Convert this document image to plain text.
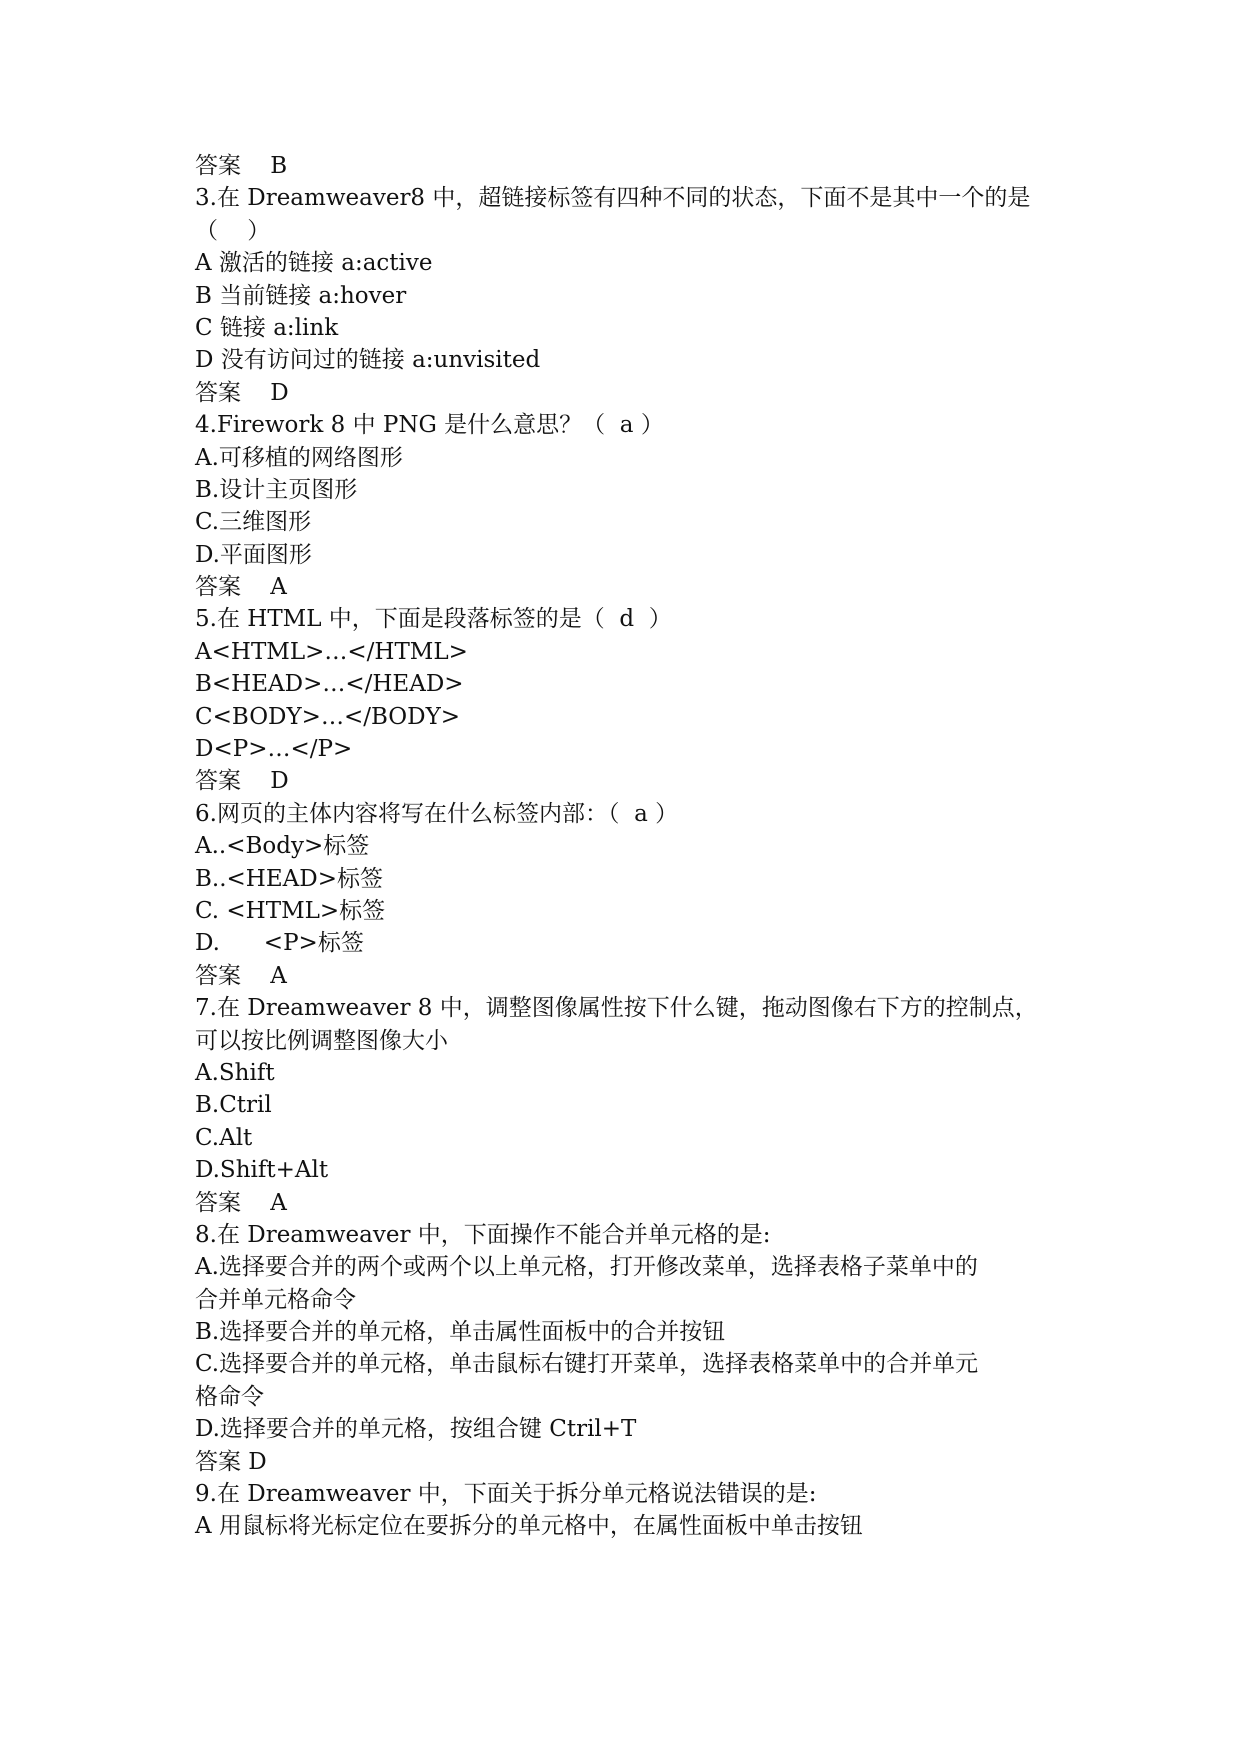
答案    B
3.在 Dreamweaver8 中，超链接标签有四种不同的状态，下面不是其中一个的是
（    ）
A 激活的链接 a:active
B 当前链接 a:hover
C 链接 a:link
D 没有访问过的链接 a:unvisited
答案    D
4.Firework 8 中 PNG 是什么意思？（  a ）
A.可移植的网络图形
B.设计主页图形
C.三维图形
D.平面图形
答案    A
5.在 HTML 中，下面是段落标签的是（  d  ）
A<HTML>…</HTML>
B<HEAD>…</HEAD>
C<BODY>…</BODY>
D<P>…</P>
答案    D
6.网页的主体内容将写在什么标签内部：（  a ）
A..<Body>标签
B..<HEAD>标签
C. <HTML>标签
D.      <P>标签
答案    A
7.在 Dreamweaver 8 中，调整图像属性按下什么键，拖动图像右下方的控制点，
可以按比例调整图像大小
A.Shift
B.Ctril
C.Alt
D.Shift+Alt
答案    A
8.在 Dreamweaver 中，下面操作不能合并单元格的是:
A.选择要合并的两个或两个以上单元格，打开修改菜单，选择表格子菜单中的
合并单元格命令
B.选择要合并的单元格，单击属性面板中的合并按钮
C.选择要合并的单元格，单击鼠标右键打开菜单，选择表格菜单中的合并单元
格命令
D.选择要合并的单元格，按组合键 Ctril+T
答案 D
9.在 Dreamweaver 中，下面关于拆分单元格说法错误的是:
A 用鼠标将光标定位在要拆分的单元格中，在属性面板中单击按钮
